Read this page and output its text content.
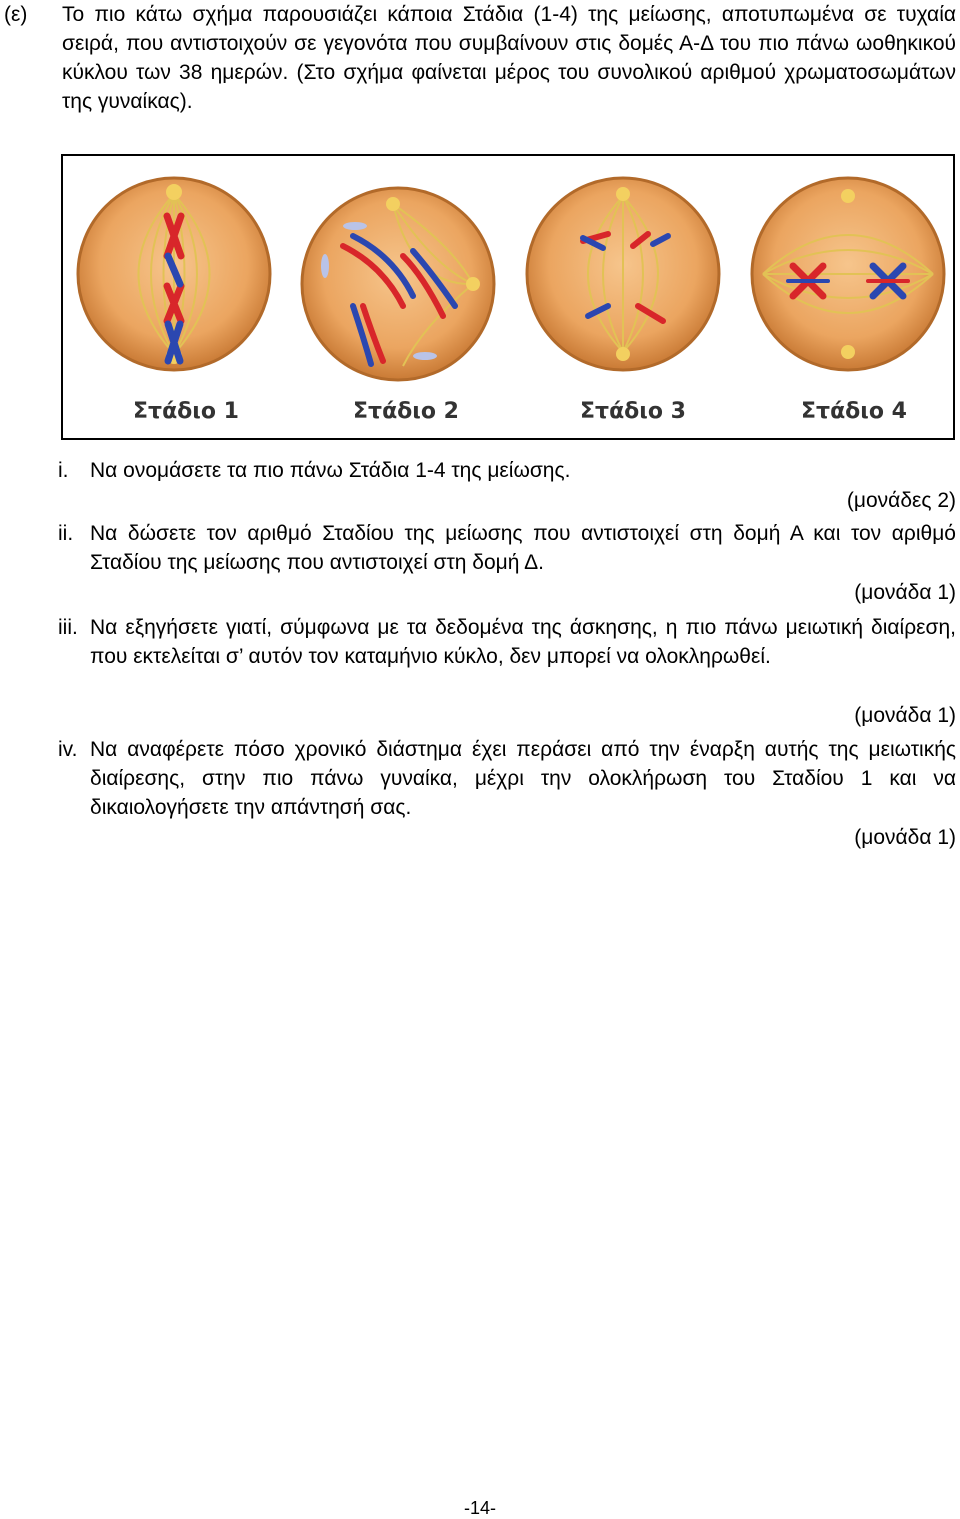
(ε) Το πιο κάτω σχήμα παρουσιάζει κάποια Στάδια (1-4) της μείωσης, αποτυπωμένα σε τυχαία σειρά, που αντιστοιχούν σε γεγονότα που συμβαίνουν στις δομές Α-Δ του πιο πάνω ωοθηκικού κύκλου των 38 ημερών. (Στο σχήμα φαίνεται μέρος του συνολικού αριθμού χρωματοσωμάτων της γυναίκας).
Στάδιο 1	Στάδιο 2	Στάδιο 3	Στάδιο 4
i.	Να ονομάσετε τα πιο πάνω Στάδια 1-4 της μείωσης.
(μονάδες 2)
ii. Να δώσετε τον αριθμό Σταδίου της μείωσης που αντιστοιχεί στη δομή Α και τον αριθμό Σταδίου της μείωσης που αντιστοιχεί στη δομή Δ.
(μονάδα 1)
iii. Να εξηγήσετε γιατί, σύμφωνα με τα δεδομένα της άσκησης, η πιο πάνω μειωτική διαίρεση, που εκτελείται σ’ αυτόν τον καταμήνιο κύκλο, δεν μπορεί να ολοκληρωθεί.
(μονάδα 1)
iv. Να αναφέρετε πόσο χρονικό διάστημα έχει περάσει από την έναρξη αυτής της μειωτικής διαίρεσης, στην πιο πάνω γυναίκα, μέχρι την ολοκλήρωση του Σταδίου 1 και να δικαιολογήσετε την απάντησή σας.
(μονάδα 1)
-14-
